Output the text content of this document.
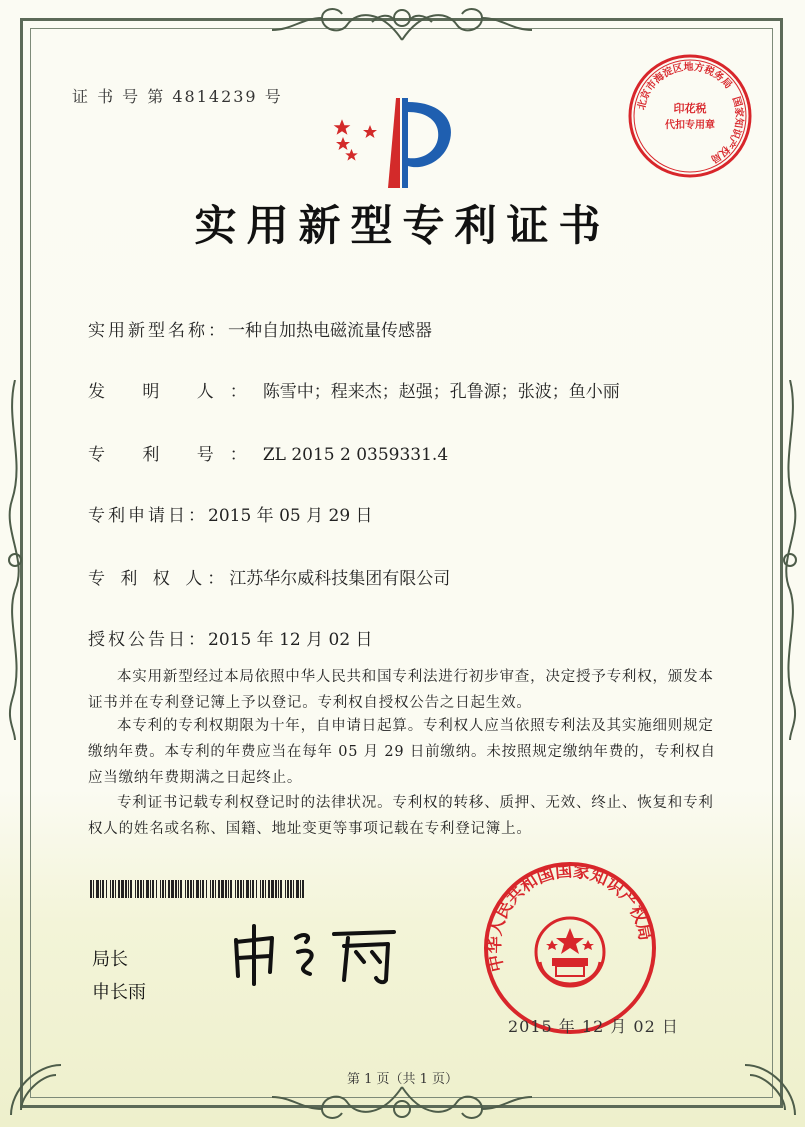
证 书 号 第 4814239 号
实用新型专利证书
实用新型名称：一种自加热电磁流量传感器
发 明 人：陈雪中；程来杰；赵强；孔鲁源；张波；鱼小丽
专 利 号：ZL 2015 2 0359331.4
专利申请日：2015 年 05 月 29 日
专 利 权 人：江苏华尔威科技集团有限公司
授权公告日：2015 年 12 月 02 日
本实用新型经过本局依照中华人民共和国专利法进行初步审查，决定授予专利权，颁发本证书并在专利登记簿上予以登记。专利权自授权公告之日起生效。
本专利的专利权期限为十年，自申请日起算。专利权人应当依照专利法及其实施细则规定缴纳年费。本专利的年费应当在每年 05 月 29 日前缴纳。未按照规定缴纳年费的，专利权自应当缴纳年费期满之日起终止。
专利证书记载专利权登记时的法律状况。专利权的转移、质押、无效、终止、恢复和专利权人的姓名或名称、国籍、地址变更等事项记载在专利登记簿上。
局长
申长雨
北京市海淀区地方税务局　国家知识产权局
印花税
代扣专用章
中华人民共和国国家知识产权局
2015 年 12 月 02 日
第 1 页（共 1 页）
